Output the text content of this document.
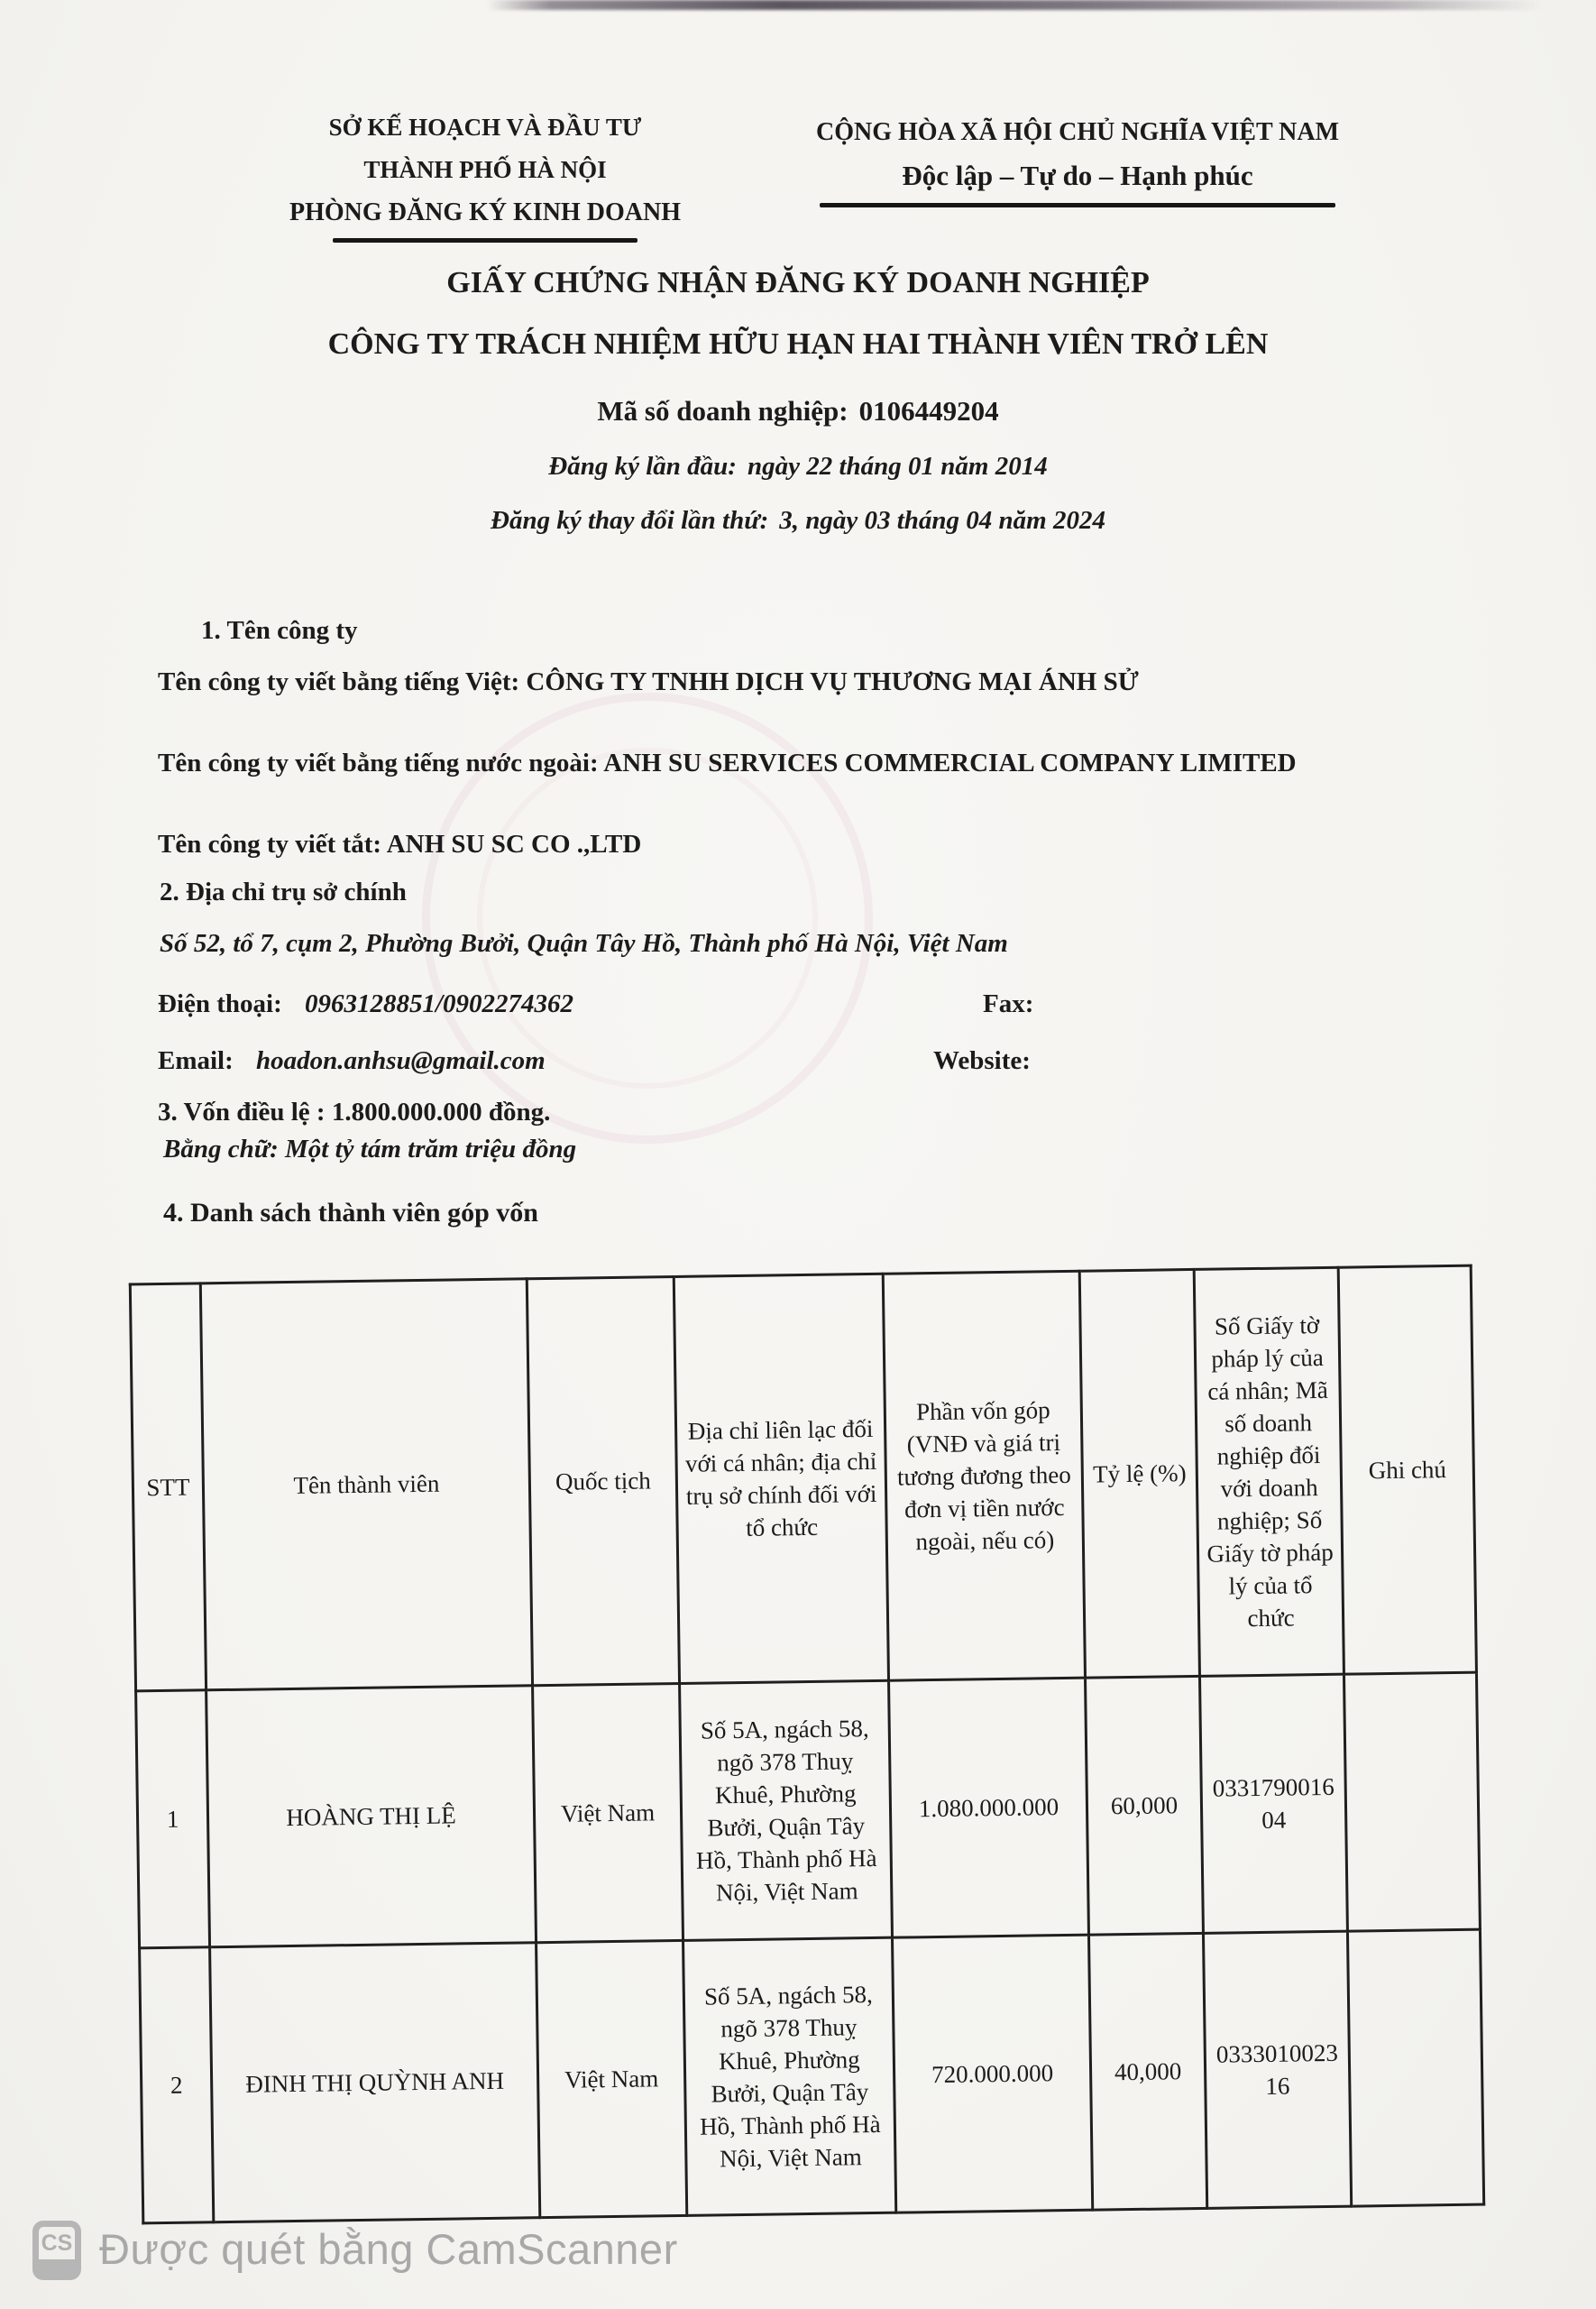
SỞ KẾ HOẠCH VÀ ĐẦU TƯ
THÀNH PHỐ HÀ NỘI
PHÒNG ĐĂNG KÝ KINH DOANH
CỘNG HÒA XÃ HỘI CHỦ NGHĨA VIỆT NAM
Độc lập – Tự do – Hạnh phúc
GIẤY CHỨNG NHẬN ĐĂNG KÝ DOANH NGHIỆP
CÔNG TY TRÁCH NHIỆM HỮU HẠN HAI THÀNH VIÊN TRỞ LÊN
Mã số doanh nghiệp: 0106449204
Đăng ký lần đầu: ngày 22 tháng 01 năm 2014
Đăng ký thay đổi lần thứ: 3, ngày 03 tháng 04 năm 2024
1. Tên công ty
Tên công ty viết bằng tiếng Việt: CÔNG TY TNHH DỊCH VỤ THƯƠNG MẠI ÁNH SỬ
Tên công ty viết bằng tiếng nước ngoài: ANH SU SERVICES COMMERCIAL COMPANY LIMITED
Tên công ty viết tắt: ANH SU SC CO .,LTD
2. Địa chỉ trụ sở chính
Số 52, tổ 7, cụm 2, Phường Bưởi, Quận Tây Hồ, Thành phố Hà Nội, Việt Nam
Điện thoại: 0963128851/0902274362	Fax:
Email: hoadon.anhsu@gmail.com	Website:
3. Vốn điều lệ : 1.800.000.000 đồng.
Bằng chữ: Một tỷ tám trăm triệu đồng
4. Danh sách thành viên góp vốn
STT	Tên thành viên	Quốc tịch	Địa chỉ liên lạc đối với cá nhân; địa chỉ trụ sở chính đối với tổ chức	Phần vốn góp (VNĐ và giá trị tương đương theo đơn vị tiền nước ngoài, nếu có)	Tỷ lệ (%)	Số Giấy tờ pháp lý của cá nhân; Mã số doanh nghiệp đối với doanh nghiệp; Số Giấy tờ pháp lý của tổ chức	Ghi chú
1	HOÀNG THỊ LỆ	Việt Nam	Số 5A, ngách 58, ngõ 378 Thuỵ Khuê, Phường Bưởi, Quận Tây Hồ, Thành phố Hà Nội, Việt Nam	1.080.000.000	60,000	033179001604	
2	ĐINH THỊ QUỲNH ANH	Việt Nam	Số 5A, ngách 58, ngõ 378 Thuỵ Khuê, Phường Bưởi, Quận Tây Hồ, Thành phố Hà Nội, Việt Nam	720.000.000	40,000	033301002316	
CS Được quét bằng CamScanner
